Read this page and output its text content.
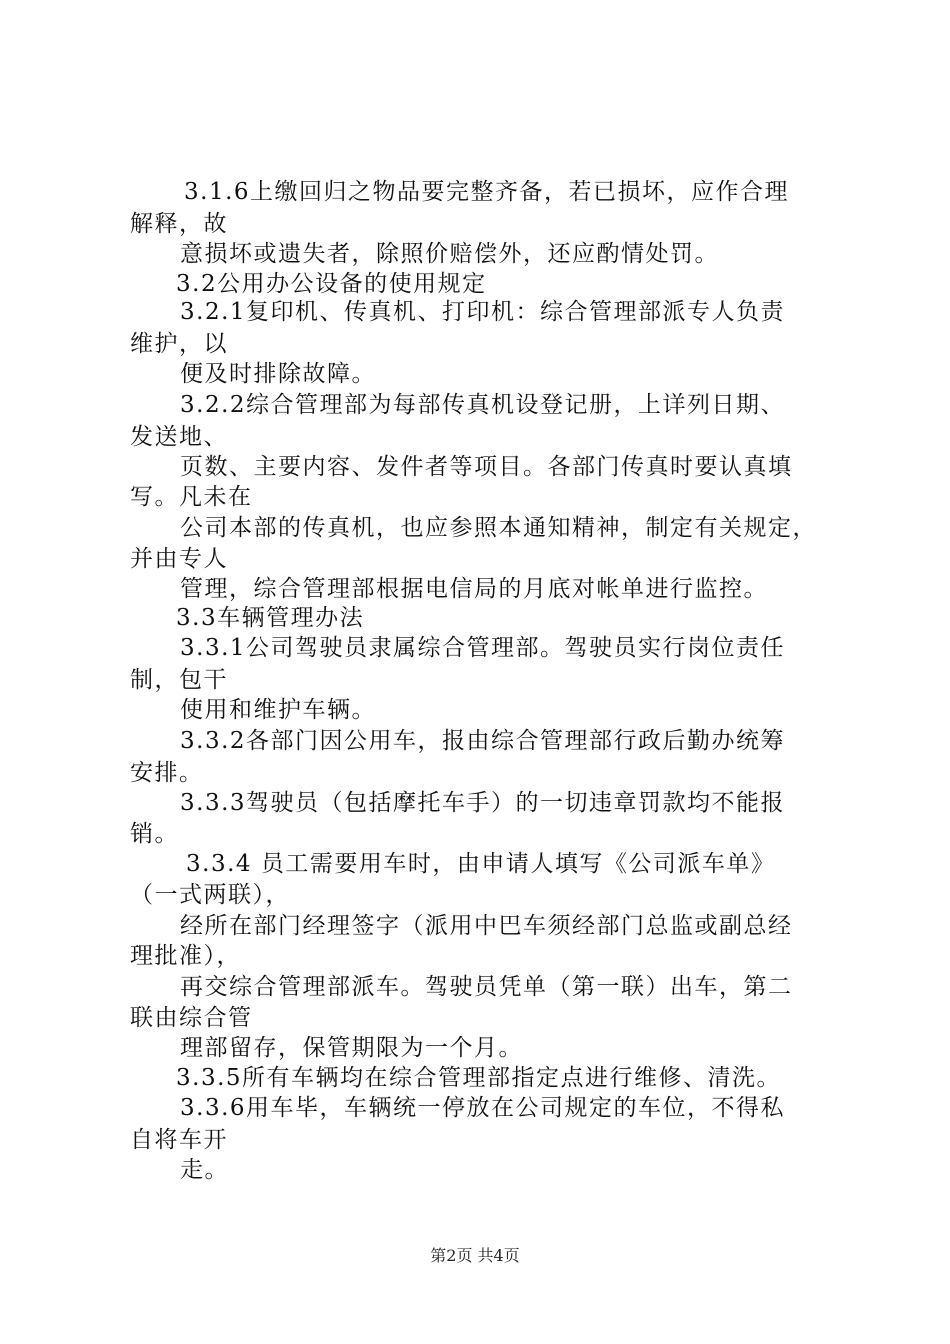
3.1.6上缴回归之物品要完整齐备，若已损坏，应作合理
解释，故
意损坏或遗失者，除照价赔偿外，还应酌情处罚。
3.2公用办公设备的使用规定
3.2.1复印机、传真机、打印机：综合管理部派专人负责
维护，以
便及时排除故障。
3.2.2综合管理部为每部传真机设登记册，上详列日期、
发送地、
页数、主要内容、发件者等项目。各部门传真时要认真填
写。凡未在
公司本部的传真机，也应参照本通知精神，制定有关规定，
并由专人
管理，综合管理部根据电信局的月底对帐单进行监控。
3.3车辆管理办法
3.3.1公司驾驶员隶属综合管理部。驾驶员实行岗位责任
制，包干
使用和维护车辆。
3.3.2各部门因公用车，报由综合管理部行政后勤办统筹
安排。
3.3.3驾驶员（包括摩托车手）的一切违章罚款均不能报
销。
3.3.4 员工需要用车时，由申请人填写《公司派车单》
（一式两联），
经所在部门经理签字（派用中巴车须经部门总监或副总经
理批准），
再交综合管理部派车。驾驶员凭单（第一联）出车，第二
联由综合管
理部留存，保管期限为一个月。
3.3.5所有车辆均在综合管理部指定点进行维修、清洗。
3.3.6用车毕，车辆统一停放在公司规定的车位，不得私
自将车开
走。
第2页 共4页
